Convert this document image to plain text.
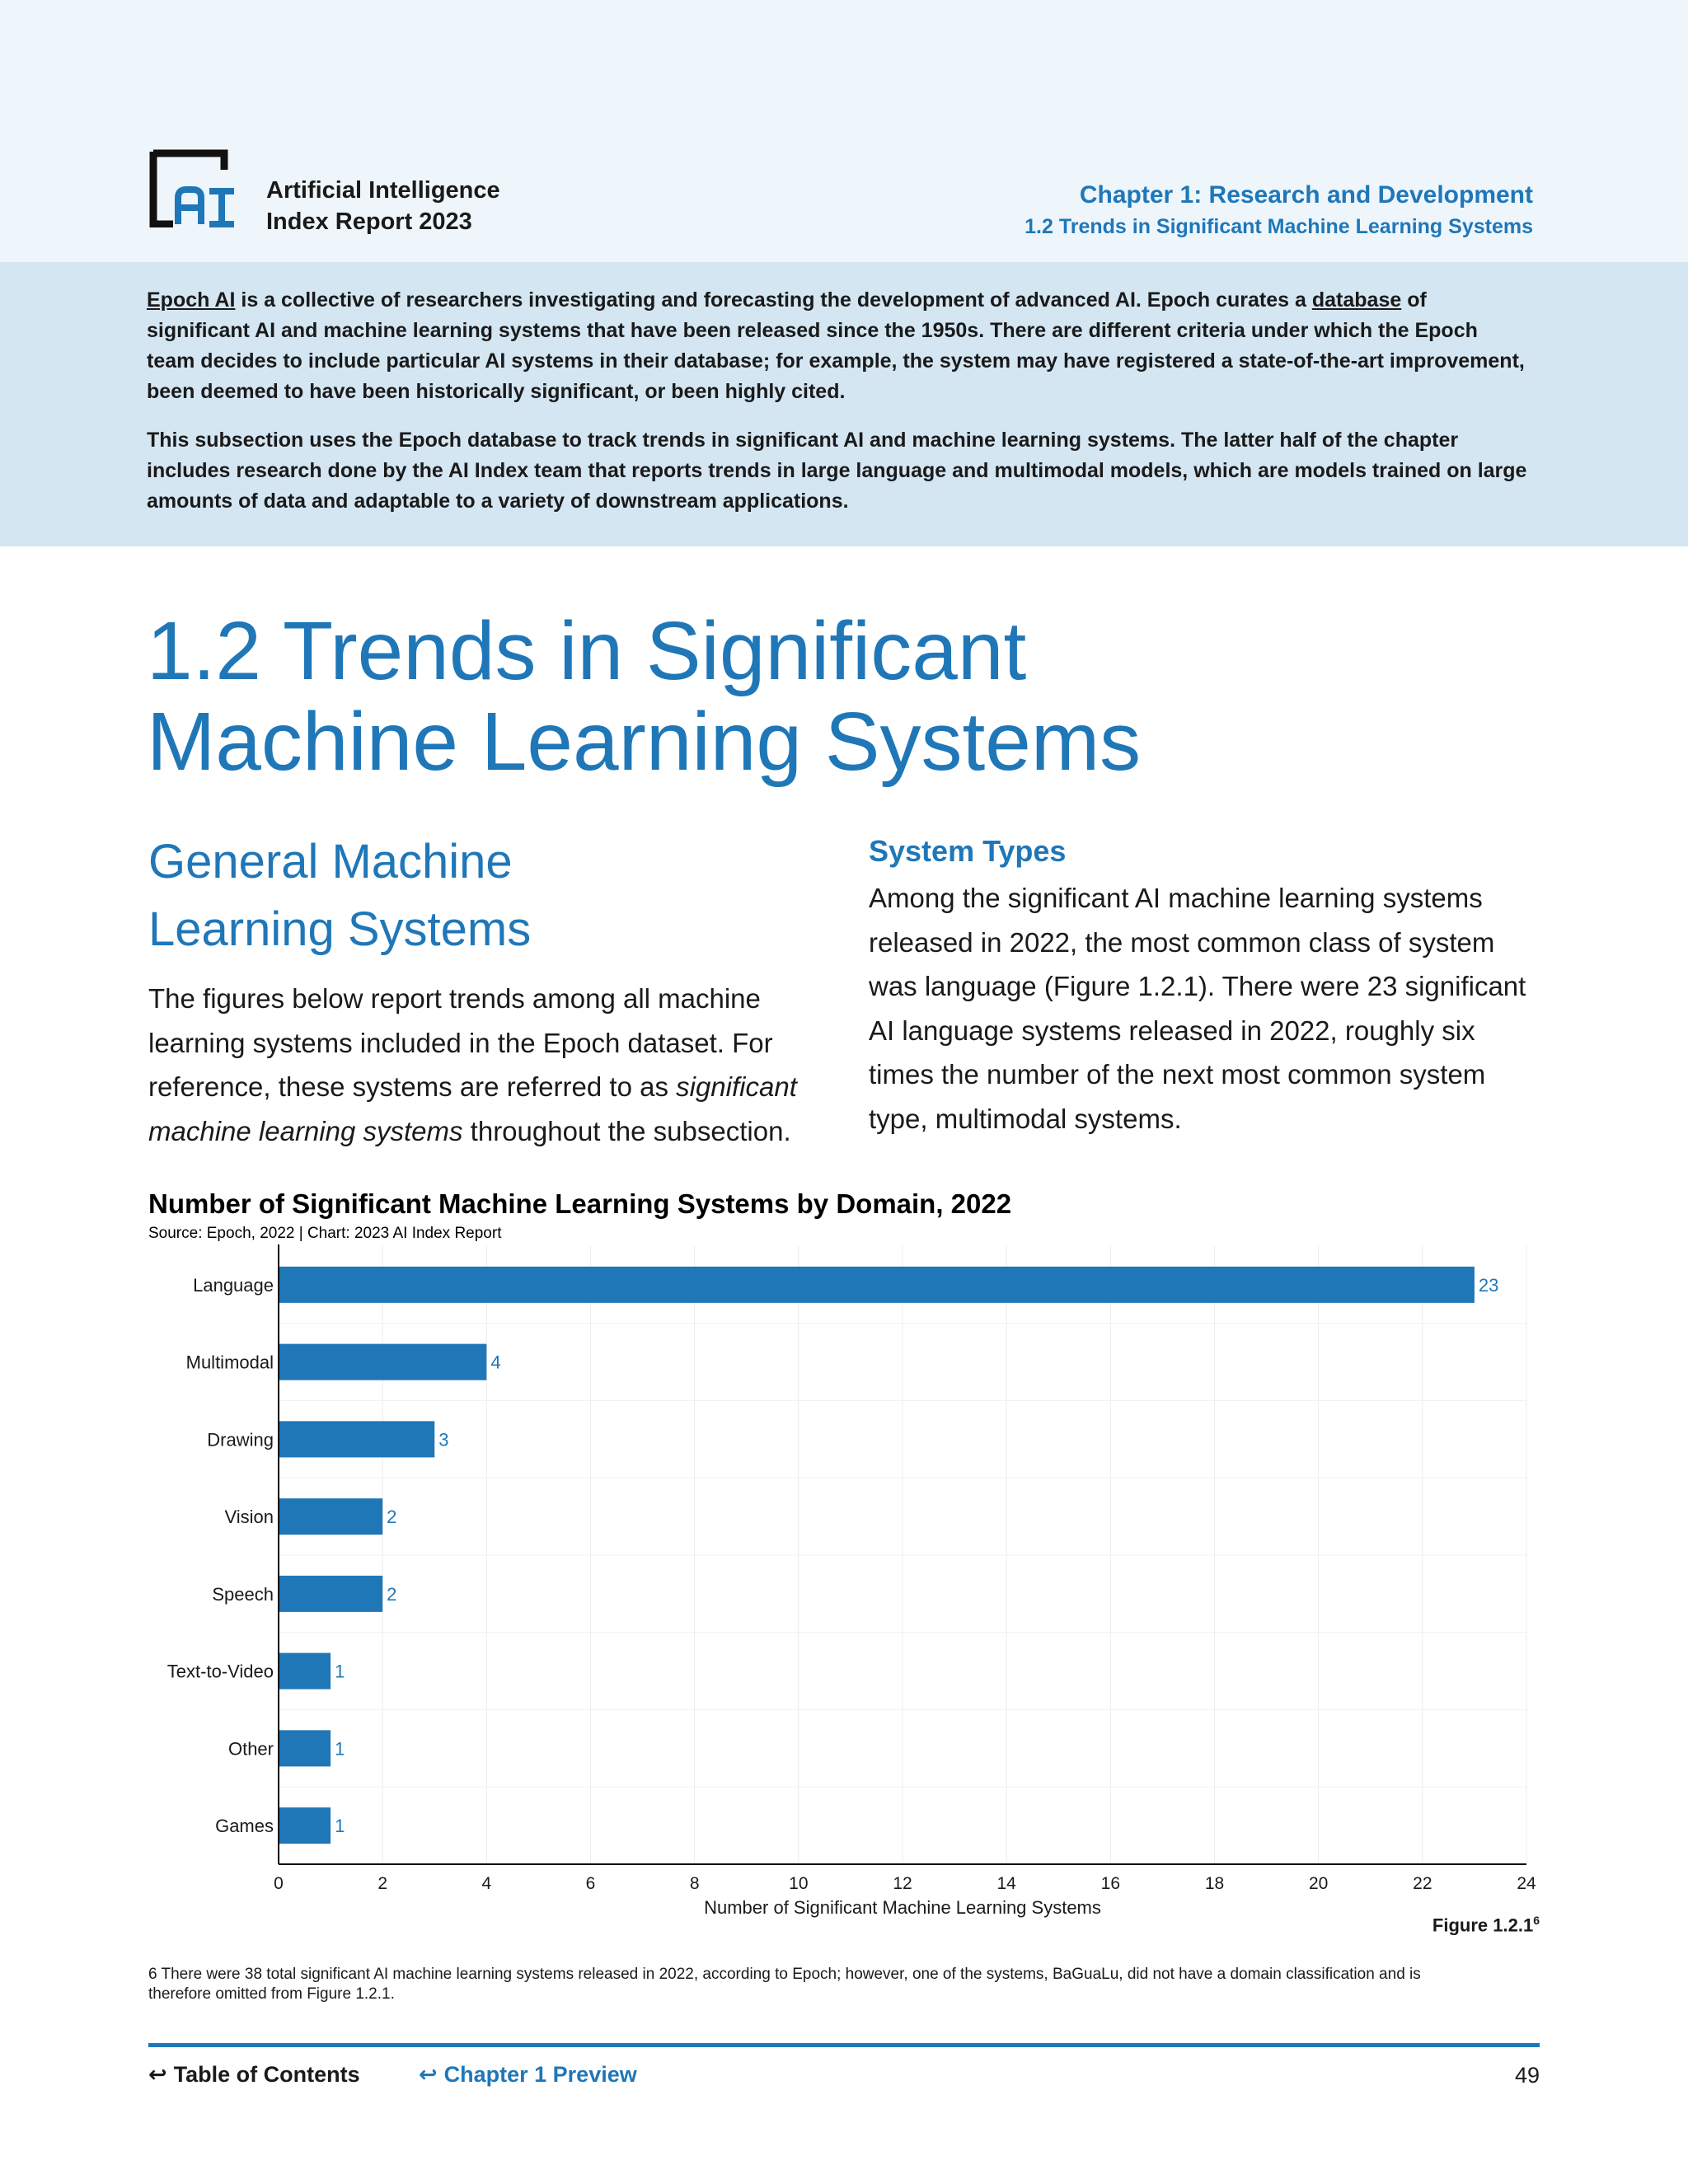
Artificial Intelligence
Index Report 2023
Chapter 1: Research and Development
1.2 Trends in Significant Machine Learning Systems

Epoch AI is a collective of researchers investigating and forecasting the development of advanced AI. Epoch curates a database of significant AI and machine learning systems that have been released since the 1950s. There are different criteria under which the Epoch team decides to include particular AI systems in their database; for example, the system may have registered a state-of-the-art improvement, been deemed to have been historically significant, or been highly cited.

This subsection uses the Epoch database to track trends in significant AI and machine learning systems. The latter half of the chapter includes research done by the AI Index team that reports trends in large language and multimodal models, which are models trained on large amounts of data and adaptable to a variety of downstream applications.

1.2 Trends in Significant
Machine Learning Systems
General Machine
Learning Systems
The figures below report trends among all machine learning systems included in the Epoch dataset. For reference, these systems are referred to as significant machine learning systems throughout the subsection.
System Types
Among the significant AI machine learning systems released in 2022, the most common class of system was language (Figure 1.2.1). There were 23 significant AI language systems released in 2022, roughly six times the number of the next most common system type, multimodal systems.
Number of Significant Machine Learning Systems by Domain, 2022
Source: Epoch, 2022 | Chart: 2023 AI Index Report
Language	23
Multimodal	4
Drawing	3
Vision	2
Speech	2
Text-to-Video	1
Other	1
Games	1
0	2	4	6	8	10	12	14	16	18	20	22	24
Number of Significant Machine Learning Systems
Figure 1.2.1$^6$
6 There were 38 total significant AI machine learning systems released in 2022, according to Epoch; however, one of the systems, BaGuaLu, did not have a domain classification and is therefore omitted from Figure 1.2.1.
↩ Table of Contents	↩ Chapter 1 Preview	49
